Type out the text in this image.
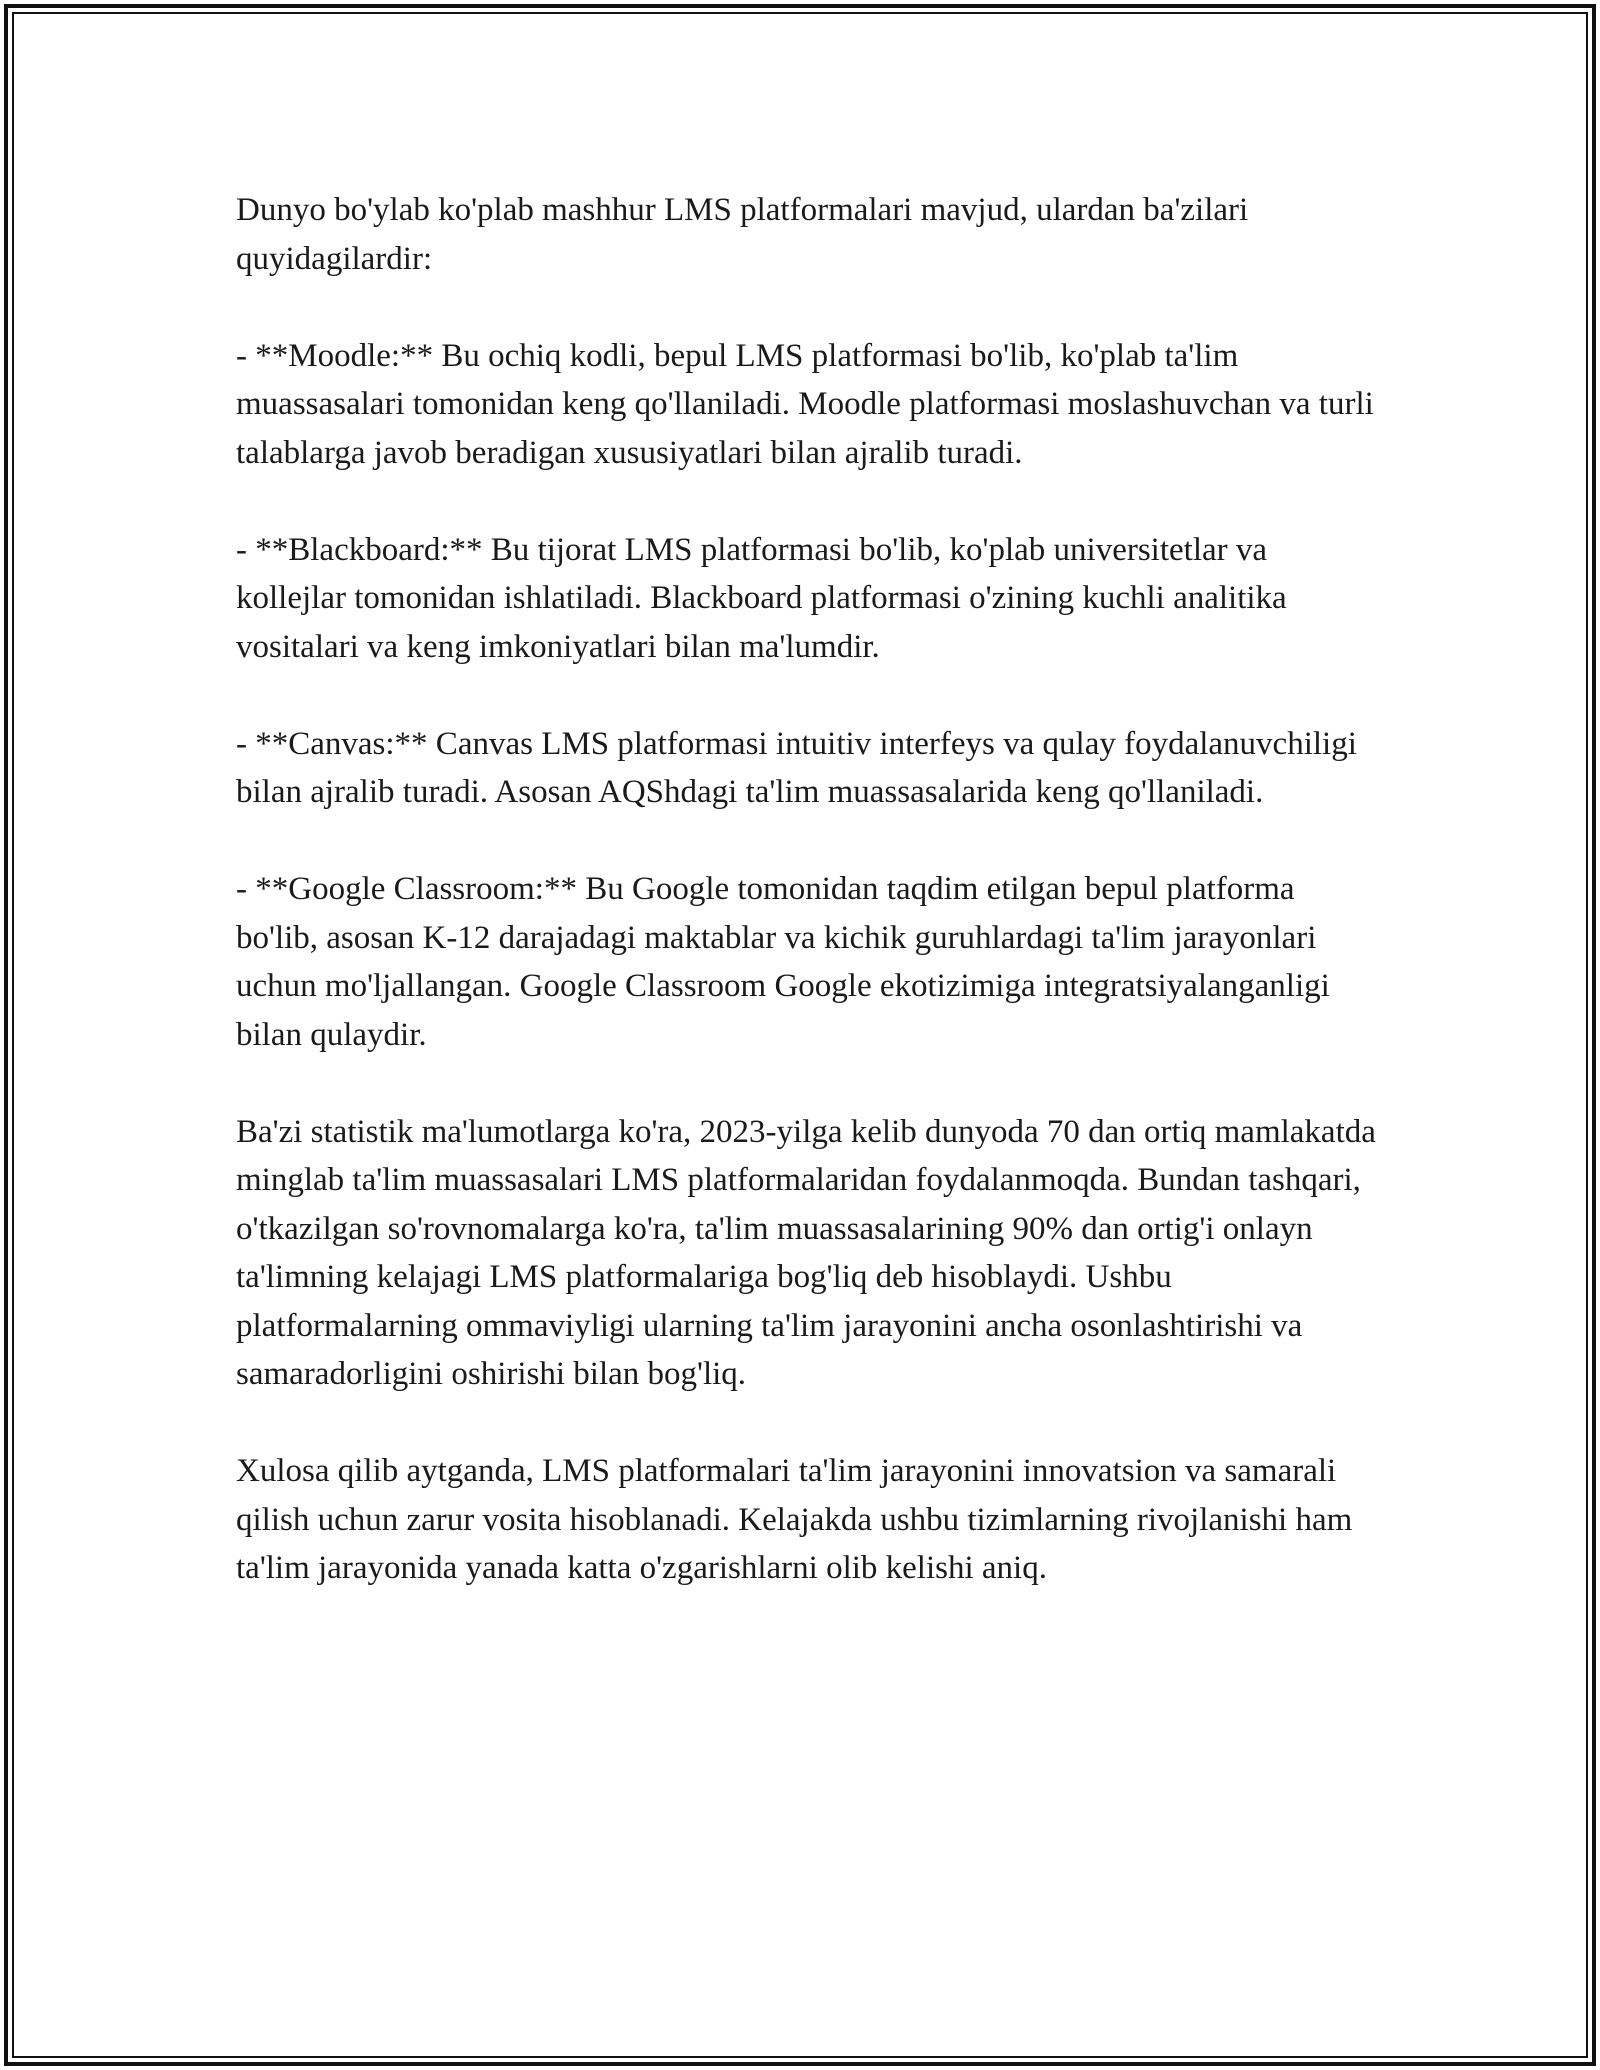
Dunyo bo'ylab ko'plab mashhur LMS platformalari mavjud, ulardan ba'zilari quyidagilardir:

- **Moodle:** Bu ochiq kodli, bepul LMS platformasi bo'lib, ko'plab ta'lim muassasalari tomonidan keng qo'llaniladi. Moodle platformasi moslashuvchan va turli talablarga javob beradigan xususiyatlari bilan ajralib turadi.

- **Blackboard:** Bu tijorat LMS platformasi bo'lib, ko'plab universitetlar va kollejlar tomonidan ishlatiladi. Blackboard platformasi o'zining kuchli analitika vositalari va keng imkoniyatlari bilan ma'lumdir.

- **Canvas:** Canvas LMS platformasi intuitiv interfeys va qulay foydalanuvchiligi bilan ajralib turadi. Asosan AQShdagi ta'lim muassasalarida keng qo'llaniladi.

- **Google Classroom:** Bu Google tomonidan taqdim etilgan bepul platforma bo'lib, asosan K-12 darajadagi maktablar va kichik guruhlardagi ta'lim jarayonlari uchun mo'ljallangan. Google Classroom Google ekotizimiga integratsiyalanganligi bilan qulaydir.

Ba'zi statistik ma'lumotlarga ko'ra, 2023-yilga kelib dunyoda 70 dan ortiq mamlakatda minglab ta'lim muassasalari LMS platformalaridan foydalanmoqda. Bundan tashqari, o'tkazilgan so'rovnomalarga ko'ra, ta'lim muassasalarining 90% dan ortig'i onlayn ta'limning kelajagi LMS platformalariga bog'liq deb hisoblaydi. Ushbu platformalarning ommaviyligi ularning ta'lim jarayonini ancha osonlashtirishi va samaradorligini oshirishi bilan bog'liq.

Xulosa qilib aytganda, LMS platformalari ta'lim jarayonini innovatsion va samarali qilish uchun zarur vosita hisoblanadi. Kelajakda ushbu tizimlarning rivojlanishi ham ta'lim jarayonida yanada katta o'zgarishlarni olib kelishi aniq.
